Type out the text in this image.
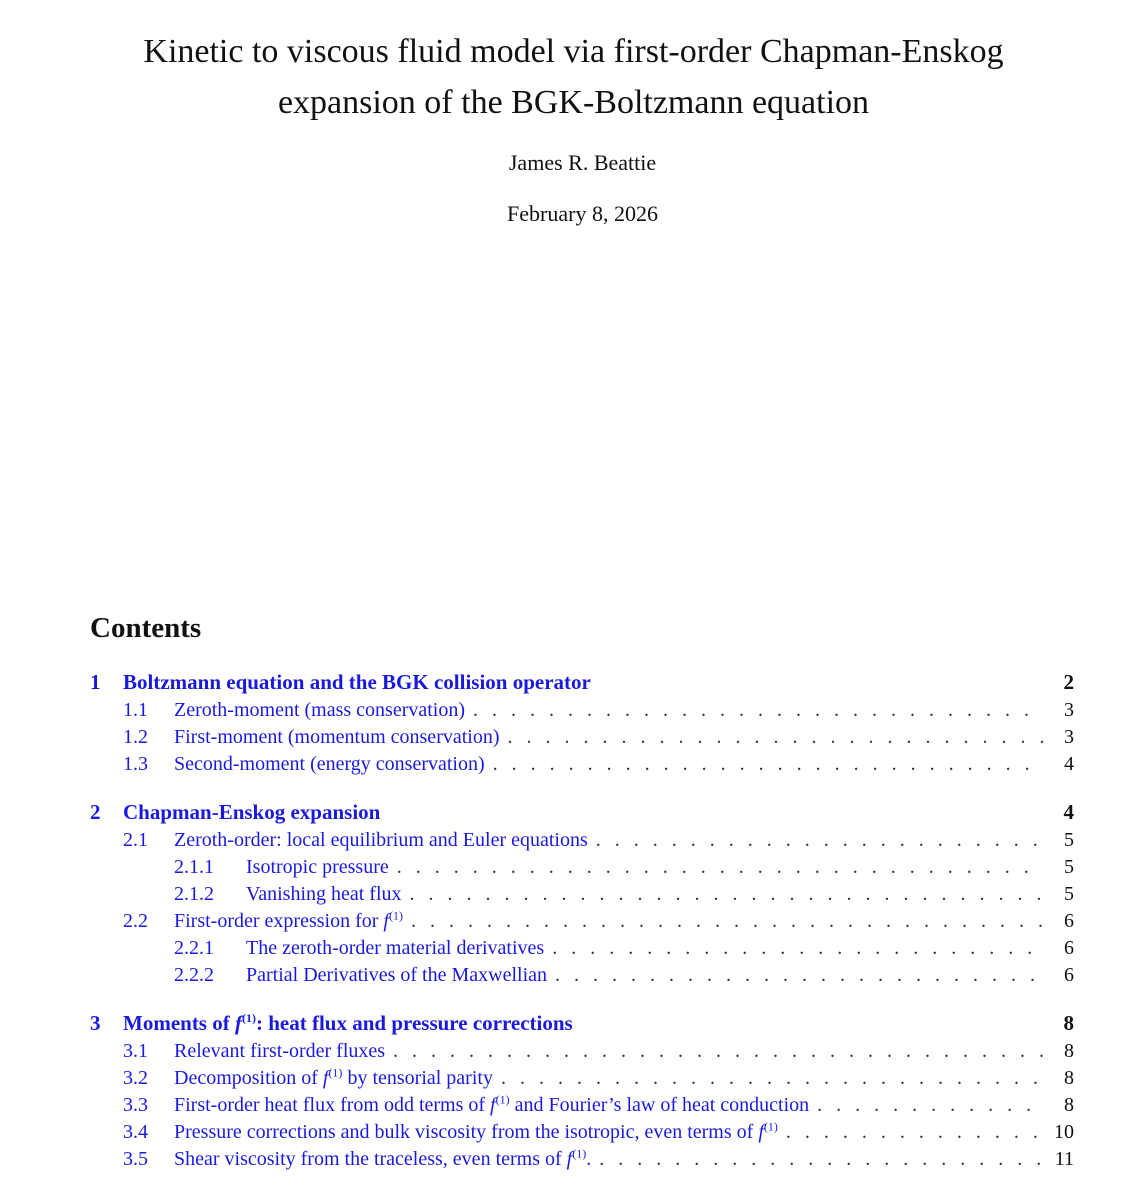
Kinetic to viscous fluid model via first-order Chapman-Enskog
expansion of the BGK-Boltzmann equation
James R. Beattie
February 8, 2026
Contents
1	Boltzmann equation and the BGK collision operator	2
1.1	Zeroth-moment (mass conservation) . . .	3
1.2	First-moment (momentum conservation) . . .	3
1.3	Second-moment (energy conservation) . . .	4
2	Chapman-Enskog expansion	4
2.1	Zeroth-order: local equilibrium and Euler equations . . .	5
2.1.1	Isotropic pressure . . .	5
2.1.2	Vanishing heat flux . . .	5
2.2	First-order expression for $f^{(1)}$ . . .	6
2.2.1	The zeroth-order material derivatives . . .	6
2.2.2	Partial Derivatives of the Maxwellian . . .	6
3	Moments of $f^{(1)}$: heat flux and pressure corrections	8
3.1	Relevant first-order fluxes . . .	8
3.2	Decomposition of $f^{(1)}$ by tensorial parity . . .	8
3.3	First-order heat flux from odd terms of $f^{(1)}$ and Fourier’s law of heat conduction . . .	8
3.4	Pressure corrections and bulk viscosity from the isotropic, even terms of $f^{(1)}$ . . .	10
3.5	Shear viscosity from the traceless, even terms of $f^{(1)}$. . . .	11
